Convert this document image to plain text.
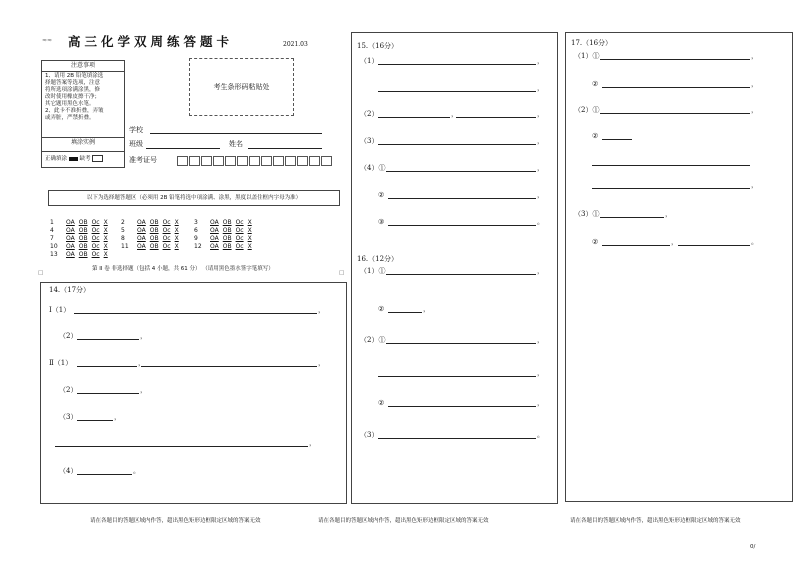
≈≈ 高三化学双周练答题卡	2021.03
注意事项
1、请用 2B 铅笔填涂选
择题答案等选项，注意
将所选项涂满涂黑，修
改时使用橡皮擦干净；
其它题用黑色水笔。
2、此卡不准折叠，弄皱
或弄脏，严禁折叠。
填涂实例
正确填涂 缺考
考生条形码粘贴处
学校
班级	姓名
准考证号
以下为选择题答题区（必须用 2B 铅笔将选中项涂满、涂黑，黑度以盖住框内字母为准）
1 OA OB Oc X	2 OA OB Oc X	3 OA OB Oc X
4 OA OB Oc X	5 OA OB Oc X	6 OA OB Oc X
7 OA OB Oc X	8 OA OB Oc X	9 OA OB Oc X
10 OA OB Oc X	11 OA OB Oc X	12 OA OB Oc X
13 OA OB Oc X
□	□
第 II 卷 非选择题（包括 4 小题，共 61 分） （请用黑色墨水签字笔填写）
14.（17分）
Ⅰ（1）	，
（2）	，
Ⅱ（1）	，	，
（2）	，
（3）	，
，
（4）	。
15.（16分）
（1）	，
，
（2）	，	，
（3）	，
（4）①	，
②	，
③	。
16.（12分）
（1）①	，
②	，
（2）①	，
，
②	，
（3）	。
17.（16分）
（1）①	，
②	，
（2）①	，
②
，
（3）①	，
②	，	。
请在各题目的答题区域内作答，超出黑色矩形边框限定区域的答案无效	请在各题目的答题区域内作答，超出黑色矩形边框限定区域的答案无效	请在各题目的答题区域内作答，超出黑色矩形边框限定区域的答案无效
0/
